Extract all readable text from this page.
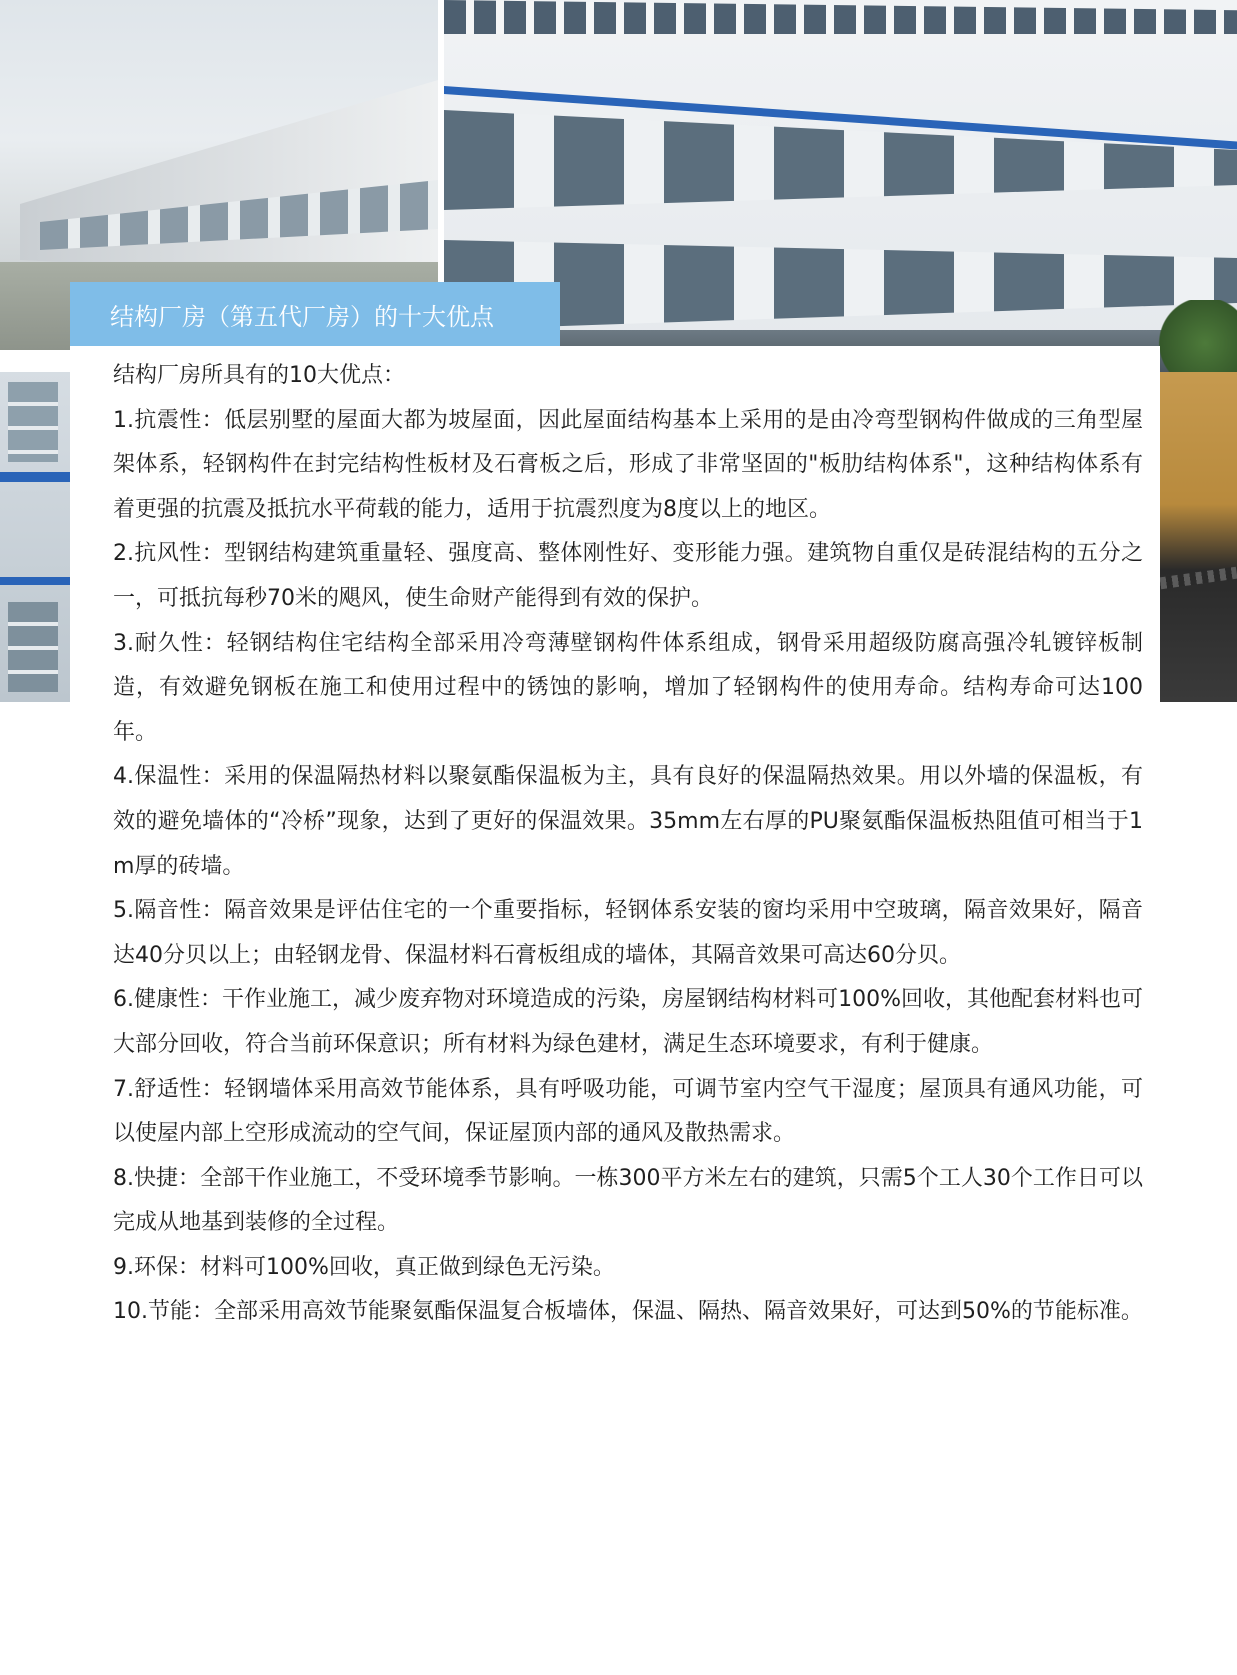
结构厂房（第五代厂房）的十大优点

结构厂房所具有的10大优点：

1.抗震性：低层别墅的屋面大都为坡屋面，因此屋面结构基本上采用的是由冷弯型钢构件做成的三角型屋架体系，轻钢构件在封完结构性板材及石膏板之后，形成了非常坚固的"板肋结构体系"，这种结构体系有着更强的抗震及抵抗水平荷载的能力，适用于抗震烈度为8度以上的地区。

2.抗风性：型钢结构建筑重量轻、强度高、整体刚性好、变形能力强。建筑物自重仅是砖混结构的五分之一，可抵抗每秒70米的飓风，使生命财产能得到有效的保护。

3.耐久性：轻钢结构住宅结构全部采用冷弯薄壁钢构件体系组成，钢骨采用超级防腐高强冷轧镀锌板制造，有效避免钢板在施工和使用过程中的锈蚀的影响，增加了轻钢构件的使用寿命。结构寿命可达100年。

4.保温性：采用的保温隔热材料以聚氨酯保温板为主，具有良好的保温隔热效果。用以外墙的保温板，有效的避免墙体的“冷桥”现象，达到了更好的保温效果。35mm左右厚的PU聚氨酯保温板热阻值可相当于1m厚的砖墙。

5.隔音性：隔音效果是评估住宅的一个重要指标，轻钢体系安装的窗均采用中空玻璃，隔音效果好，隔音达40分贝以上；由轻钢龙骨、保温材料石膏板组成的墙体，其隔音效果可高达60分贝。

6.健康性：干作业施工，减少废弃物对环境造成的污染，房屋钢结构材料可100%回收，其他配套材料也可大部分回收，符合当前环保意识；所有材料为绿色建材，满足生态环境要求，有利于健康。

7.舒适性：轻钢墙体采用高效节能体系，具有呼吸功能，可调节室内空气干湿度；屋顶具有通风功能，可以使屋内部上空形成流动的空气间，保证屋顶内部的通风及散热需求。

8.快捷：全部干作业施工，不受环境季节影响。一栋300平方米左右的建筑，只需5个工人30个工作日可以完成从地基到装修的全过程。

9.环保：材料可100%回收，真正做到绿色无污染。

10.节能：全部采用高效节能聚氨酯保温复合板墙体，保温、隔热、隔音效果好，可达到50%的节能标准。
